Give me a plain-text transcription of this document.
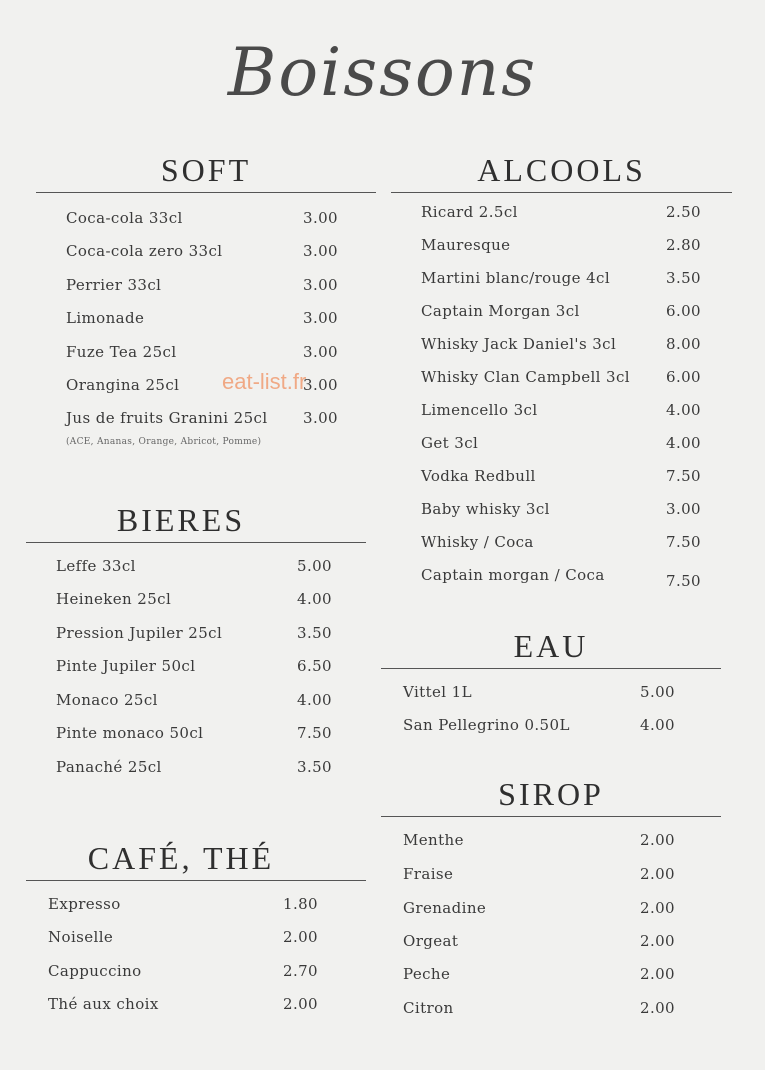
Boissons
SOFT
Coca-cola 33cl	3.00
Coca-cola zero 33cl	3.00
Perrier 33cl	3.00
Limonade	3.00
Fuze Tea 25cl	3.00
Orangina 25cl	3.00
Jus de fruits Granini 25cl 3.00
(ACE, Ananas, Orange, Abricot, Pomme)
ALCOOLS
Ricard 2.5cl	2.50
Mauresque	2.80
Martini blanc/rouge 4cl	3.50
Captain Morgan 3cl	6.00
Whisky Jack Daniel's 3cl	8.00
Whisky Clan Campbell 3cl 6.00
Limencello 3cl	4.00
Get 3cl	4.00
Vodka Redbull	7.50
Baby whisky 3cl	3.00
Whisky / Coca	7.50
Captain morgan / Coca	7.50
BIERES
Leffe 33cl	5.00
Heineken 25cl	4.00
Pression Jupiler 25cl	3.50
Pinte Jupiler 50cl	6.50
Monaco 25cl	4.00
Pinte monaco 50cl	7.50
Panaché 25cl	3.50
EAU
Vittel 1L	5.00
San Pellegrino 0.50L	4.00
SIROP
Menthe	2.00
Fraise	2.00
Grenadine	2.00
Orgeat	2.00
Peche	2.00
Citron	2.00
CAFÉ, THÉ
Expresso	1.80
Noiselle	2.00
Cappuccino	2.70
Thé aux choix	2.00
eat-list.fr
